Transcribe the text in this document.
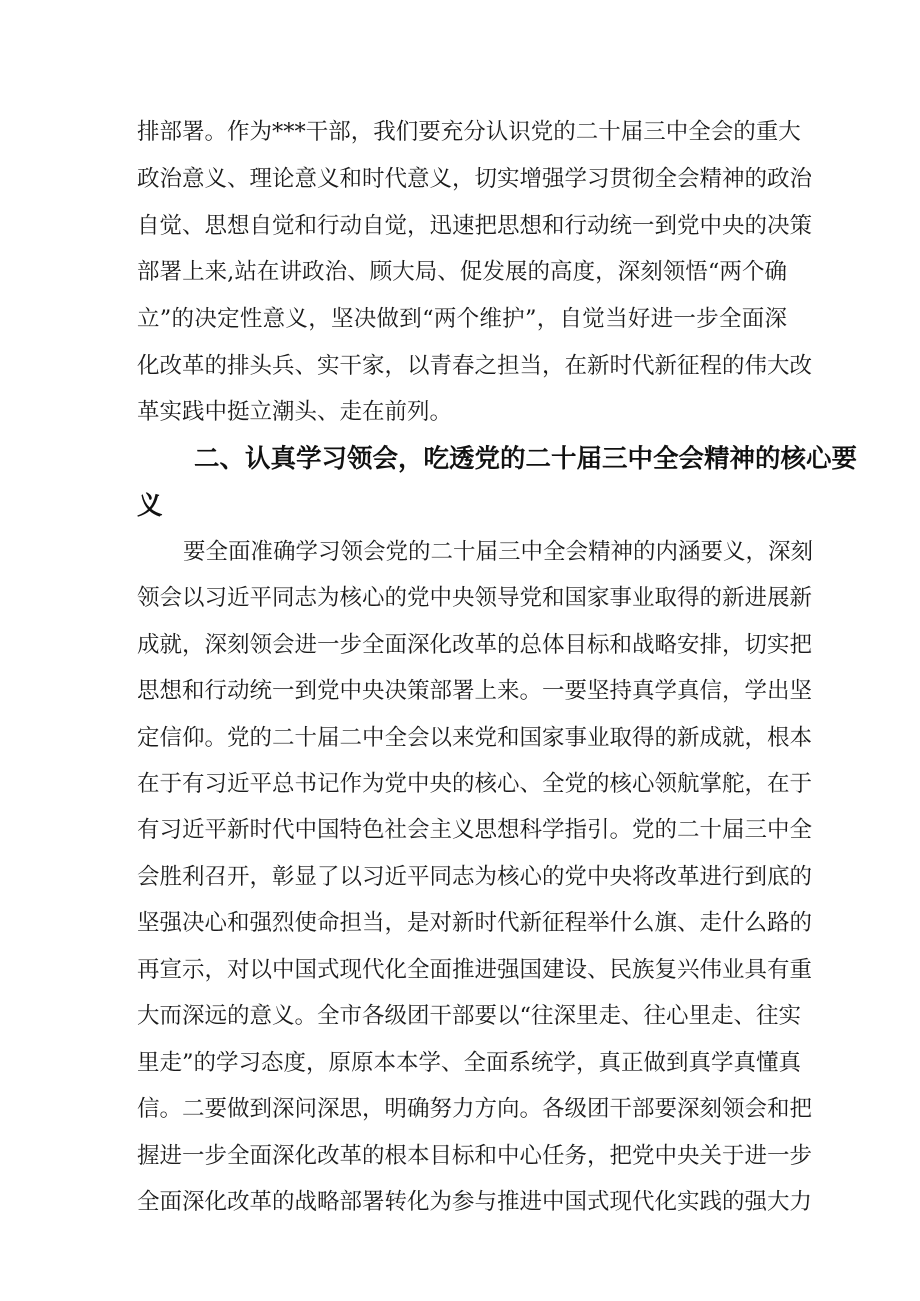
排部署。作为***干部，我们要充分认识党的二十届三中全会的重大
政治意义、理论意义和时代意义，切实增强学习贯彻全会精神的政治
自觉、思想自觉和行动自觉，迅速把思想和行动统一到党中央的决策
部署上来,站在讲政治、顾大局、促发展的高度，深刻领悟“两个确
立”的决定性意义，坚决做到“两个维护”，自觉当好进一步全面深
化改革的排头兵、实干家，以青春之担当，在新时代新征程的伟大改
革实践中挺立潮头、走在前列。
二、认真学习领会，吃透党的二十届三中全会精神的核心要
义
要全面准确学习领会党的二十届三中全会精神的内涵要义，深刻
领会以习近平同志为核心的党中央领导党和国家事业取得的新进展新
成就，深刻领会进一步全面深化改革的总体目标和战略安排，切实把
思想和行动统一到党中央决策部署上来。一要坚持真学真信，学出坚
定信仰。党的二十届二中全会以来党和国家事业取得的新成就，根本
在于有习近平总书记作为党中央的核心、全党的核心领航掌舵，在于
有习近平新时代中国特色社会主义思想科学指引。党的二十届三中全
会胜利召开，彰显了以习近平同志为核心的党中央将改革进行到底的
坚强决心和强烈使命担当，是对新时代新征程举什么旗、走什么路的
再宣示，对以中国式现代化全面推进强国建设、民族复兴伟业具有重
大而深远的意义。全市各级团干部要以“往深里走、往心里走、往实
里走”的学习态度，原原本本学、全面系统学，真正做到真学真懂真
信。二要做到深问深思，明确努力方向。各级团干部要深刻领会和把
握进一步全面深化改革的根本目标和中心任务，把党中央关于进一步
全面深化改革的战略部署转化为参与推进中国式现代化实践的强大力
